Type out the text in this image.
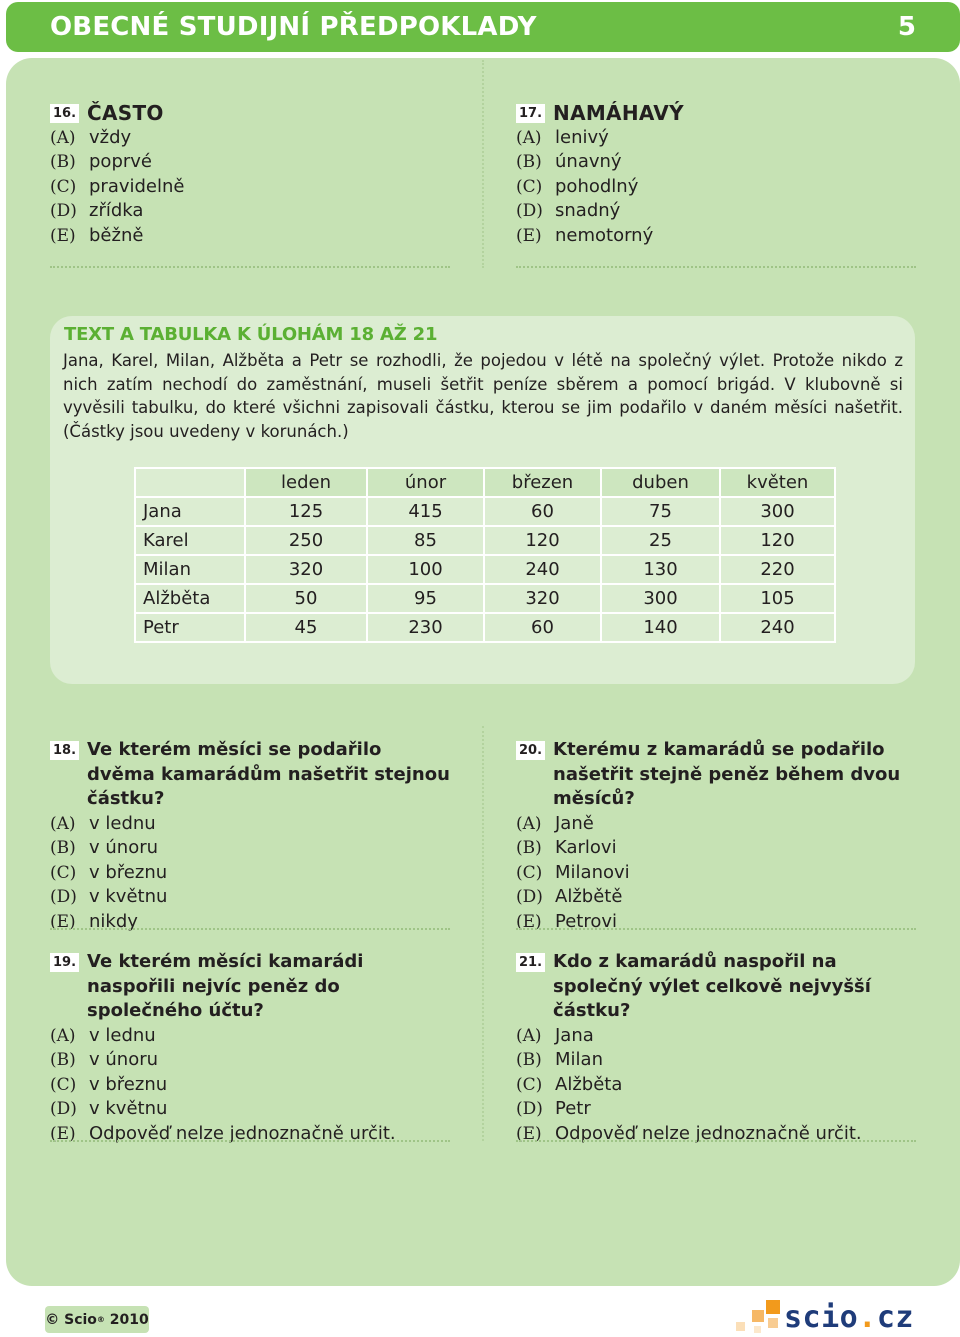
OBECNÉ STUDIJNÍ PŘEDPOKLADY	5
16. ČASTO
(A) vždy
(B) poprvé
(C) pravidelně
(D) zřídka
(E) běžně
17. NAMÁHAVÝ
(A) lenivý
(B) únavný
(C) pohodlný
(D) snadný
(E) nemotorný
TEXT A TABULKA K ÚLOHÁM 18 AŽ 21
Jana, Karel, Milan, Alžběta a Petr se rozhodli, že pojedou v létě na společný výlet. Protože nikdo z nich zatím nechodí do zaměstnání, museli šetřit peníze sběrem a pomocí brigád. V klubovně si vyvěsili tabulku, do které všichni zapisovali částku, kterou se jim podařilo v daném měsíci našetřit. (Částky jsou uvedeny v korunách.)
	leden	únor	březen	duben	květen
Jana	125	415	60	75	300
Karel	250	85	120	25	120
Milan	320	100	240	130	220
Alžběta	50	95	320	300	105
Petr	45	230	60	140	240
18. Ve kterém měsíci se podařilo dvěma kamarádům našetřit stejnou částku?
(A) v lednu
(B) v únoru
(C) v březnu
(D) v květnu
(E) nikdy
20. Kterému z kamarádů se podařilo našetřit stejně peněz během dvou měsíců?
(A) Janě
(B) Karlovi
(C) Milanovi
(D) Alžbětě
(E) Petrovi
19. Ve kterém měsíci kamarádi naspořili nejvíc peněz do společného účtu?
(A) v lednu
(B) v únoru
(C) v březnu
(D) v květnu
(E) Odpověď nelze jednoznačně určit.
21. Kdo z kamarádů naspořil na společný výlet celkově nejvyšší částku?
(A) Jana
(B) Milan
(C) Alžběta
(D) Petr
(E) Odpověď nelze jednoznačně určit.
©
Scio ®
2010	scio.cz
